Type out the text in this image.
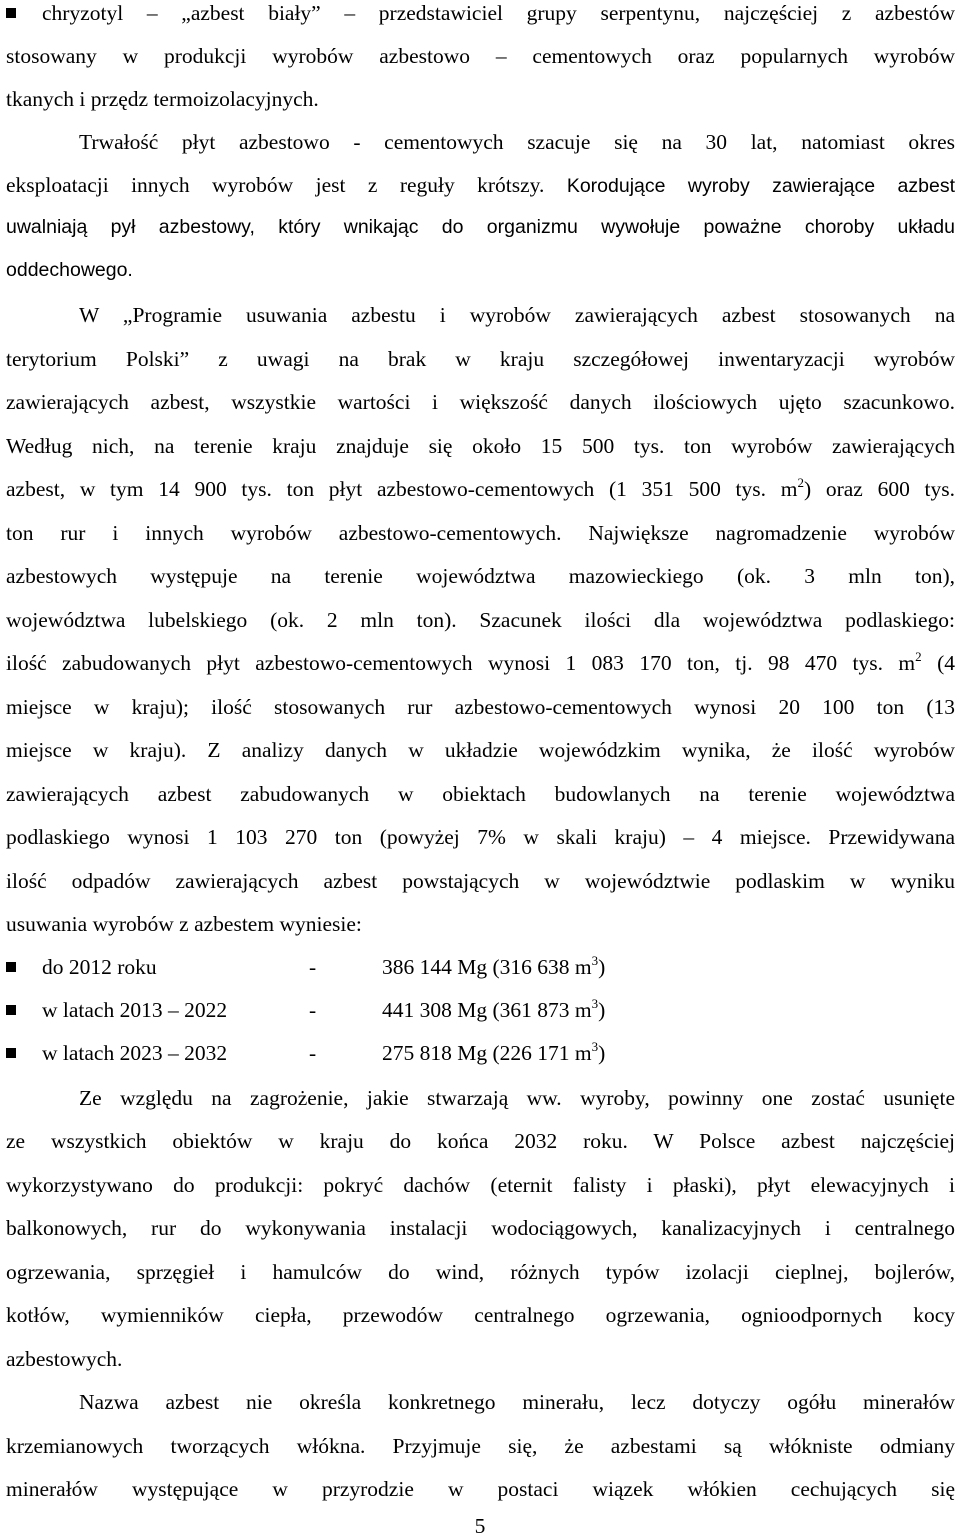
chryzotyl – „azbest biały” – przedstawiciel grupy serpentynu, najczęściej z azbestów
stosowany w produkcji wyrobów azbestowo – cementowych oraz popularnych wyrobów
tkanych i przędz termoizolacyjnych.
Trwałość płyt azbestowo - cementowych szacuje się na 30 lat, natomiast okres
eksploatacji innych wyrobów jest z reguły krótszy. Korodujące wyroby zawierające azbest
uwalniają pył azbestowy, który wnikając do organizmu wywołuje poważne choroby układu
oddechowego.
W „Programie usuwania azbestu i wyrobów zawierających azbest stosowanych na
terytorium Polski” z uwagi na brak w kraju szczegółowej inwentaryzacji wyrobów
zawierających azbest, wszystkie wartości i większość danych ilościowych ujęto szacunkowo.
Według nich, na terenie kraju znajduje się około 15 500 tys. ton wyrobów zawierających
azbest, w tym 14 900 tys. ton płyt azbestowo-cementowych (1 351 500 tys. $m^2$) oraz 600 tys.
ton rur i innych wyrobów azbestowo-cementowych. Największe nagromadzenie wyrobów
azbestowych występuje na terenie województwa mazowieckiego (ok. 3 mln ton),
województwa lubelskiego (ok. 2 mln ton). Szacunek ilości dla województwa podlaskiego:
ilość zabudowanych płyt azbestowo-cementowych wynosi 1 083 170 ton, tj. 98 470 tys. $m^2$ (4
miejsce w kraju); ilość stosowanych rur azbestowo-cementowych wynosi 20 100 ton (13
miejsce w kraju). Z analizy danych w układzie wojewódzkim wynika, że ilość wyrobów
zawierających azbest zabudowanych w obiektach budowlanych na terenie województwa
podlaskiego wynosi 1 103 270 ton (powyżej 7% w skali kraju) – 4 miejsce. Przewidywana
ilość odpadów zawierających azbest powstających w województwie podlaskim w wyniku
usuwania wyrobów z azbestem wyniesie:
do 2012 roku	-	386 144 Mg (316 638 $m^3$)
w latach 2013 – 2022	-	441 308 Mg (361 873 $m^3$)
w latach 2023 – 2032	-	275 818 Mg (226 171 $m^3$)
Ze względu na zagrożenie, jakie stwarzają ww. wyroby, powinny one zostać usunięte
ze wszystkich obiektów w kraju do końca 2032 roku. W Polsce azbest najczęściej
wykorzystywano do produkcji: pokryć dachów (eternit falisty i płaski), płyt elewacyjnych i
balkonowych, rur do wykonywania instalacji wodociągowych, kanalizacyjnych i centralnego
ogrzewania, sprzęgieł i hamulców do wind, różnych typów izolacji cieplnej, bojlerów,
kotłów, wymienników ciepła, przewodów centralnego ogrzewania, ognioodpornych kocy
azbestowych.
Nazwa azbest nie określa konkretnego minerału, lecz dotyczy ogółu minerałów
krzemianowych tworzących włókna. Przyjmuje się, że azbestami są włókniste odmiany
minerałów występujące w przyrodzie w postaci wiązek włókien cechujących się
5
